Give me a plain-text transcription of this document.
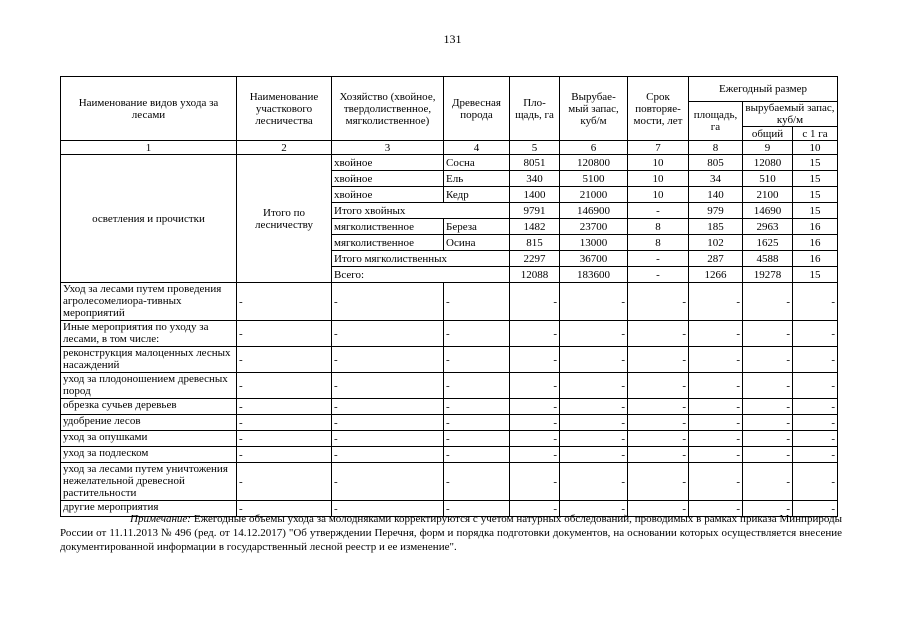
131
Наименование видов ухода за лесами	Наименование участкового лесничества	Хозяйство (хвойное, твердолиственное, мягколиственное)	Древесная порода	Пло-щадь, га	Вырубае-мый запас, куб/м	Срок повторяе-мости, лет	Ежегодный размер		
							площадь, га	вырубаемый запас, куб/м	
								общий	с 1 га
1	2	3	4	5	6	7	8	9	10
осветления и прочистки	Итого по лесничеству	хвойное	Сосна	8051	120800	10	805	12080	15
		хвойное	Ель	340	5100	10	34	510	15
		хвойное	Кедр	1400	21000	10	140	2100	15
		Итого хвойных		9791	146900	-	979	14690	15
		мягколиственное	Береза	1482	23700	8	185	2963	16
		мягколиственное	Осина	815	13000	8	102	1625	16
		Итого мягколиственных		2297	36700	-	287	4588	16
		Всего:		12088	183600	-	1266	19278	15
Уход за лесами путем проведения агролесомелиора-тивных мероприятий	-	-	-	-	-	-	-	-	-
Иные мероприятия по уходу за лесами, в том числе:	-	-	-	-	-	-	-	-	-
реконструкция малоценных лесных насаждений	-	-	-	-	-	-	-	-	-
уход за плодоношением древесных пород	-	-	-	-	-	-	-	-	-
обрезка сучьев деревьев	-	-	-	-	-	-	-	-	-
удобрение лесов	-	-	-	-	-	-	-	-	-
уход за опушками	-	-	-	-	-	-	-	-	-
уход за подлеском	-	-	-	-	-	-	-	-	-
уход за лесами путем уничтожения нежелательной древесной растительности	-	-	-	-	-	-	-	-	-
другие мероприятия	-	-	-	-	-	-	-	-	-
Примечание: Ежегодные объемы ухода за молодняками корректируются с учетом натурных обследований, проводимых в рамках приказа Минприроды России от 11.11.2013 № 496 (ред. от 14.12.2017) "Об утверждении Перечня, форм и порядка подготовки документов, на основании которых осуществляется внесение документированной информации в государственный лесной реестр и ее изменение".
